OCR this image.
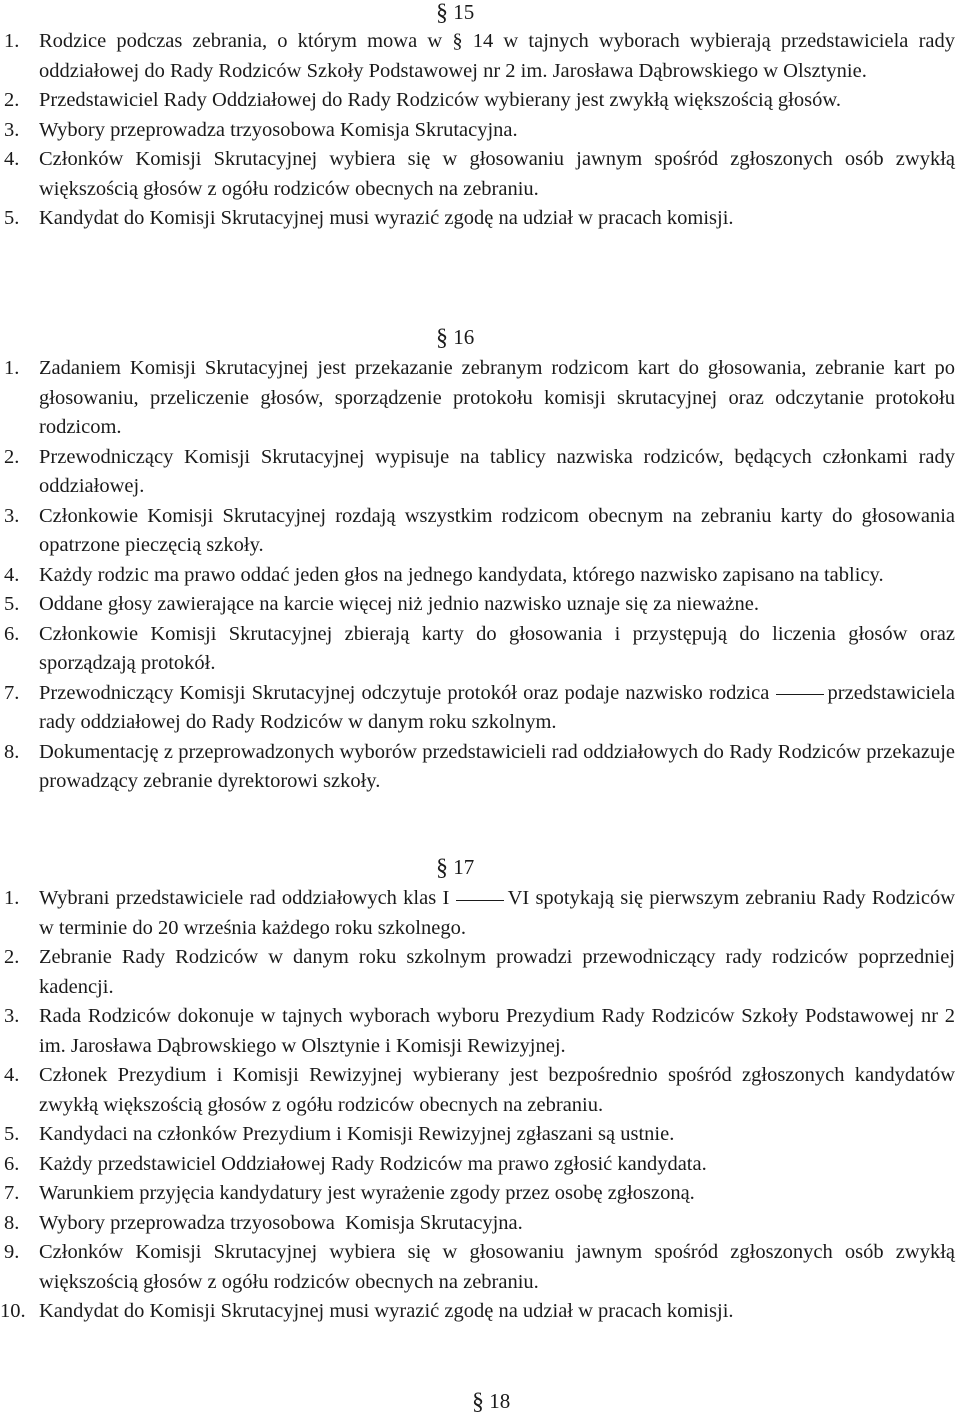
§ 15
1. Rodzice podczas zebrania, o którym mowa w § 14 w tajnych wyborach wybierają przedstawiciela rady oddziałowej do Rady Rodziców Szkoły Podstawowej nr 2 im. Jarosława Dąbrowskiego w Olsztynie.
2. Przedstawiciel Rady Oddziałowej do Rady Rodziców wybierany jest zwykłą większością głosów.
3. Wybory przeprowadza trzyosobowa Komisja Skrutacyjna.
4. Członków Komisji Skrutacyjnej wybiera się w głosowaniu jawnym spośród zgłoszonych osób zwykłą większością głosów z ogółu rodziców obecnych na zebraniu.
5. Kandydat do Komisji Skrutacyjnej musi wyrazić zgodę na udział w pracach komisji.
§ 16
1. Zadaniem Komisji Skrutacyjnej jest przekazanie zebranym rodzicom kart do głosowania, zebranie kart po głosowaniu, przeliczenie głosów, sporządzenie protokołu komisji skrutacyjnej oraz odczytanie protokołu rodzicom.
2. Przewodniczący Komisji Skrutacyjnej wypisuje na tablicy nazwiska rodziców, będących członkami rady oddziałowej.
3. Członkowie Komisji Skrutacyjnej rozdają wszystkim rodzicom obecnym na zebraniu karty do głosowania opatrzone pieczęcią szkoły.
4. Każdy rodzic ma prawo oddać jeden głos na jednego kandydata, którego nazwisko zapisano na tablicy.
5. Oddane głosy zawierające na karcie więcej niż jednio nazwisko uznaje się za nieważne.
6. Członkowie Komisji Skrutacyjnej zbierają karty do głosowania i przystępują do liczenia głosów oraz sporządzają protokół.
7. Przewodniczący Komisji Skrutacyjnej odczytuje protokół oraz podaje nazwisko rodzica	przedstawiciela rady oddziałowej do Rady Rodziców w danym roku szkolnym.
8. Dokumentację z przeprowadzonych wyborów przedstawicieli rad oddziałowych do Rady Rodziców przekazuje prowadzący zebranie dyrektorowi szkoły.
§ 17
1. Wybrani przedstawiciele rad oddziałowych klas I	VI spotykają się pierwszym zebraniu Rady Rodziców w terminie do 20 września każdego roku szkolnego.
2. Zebranie Rady Rodziców w danym roku szkolnym prowadzi przewodniczący rady rodziców poprzedniej kadencji.
3. Rada Rodziców dokonuje w tajnych wyborach wyboru Prezydium Rady Rodziców Szkoły Podstawowej nr 2 im. Jarosława Dąbrowskiego w Olsztynie i Komisji Rewizyjnej.
4. Członek Prezydium i Komisji Rewizyjnej wybierany jest bezpośrednio spośród zgłoszonych kandydatów zwykłą większością głosów z ogółu rodziców obecnych na zebraniu.
5. Kandydaci na członków Prezydium i Komisji Rewizyjnej zgłaszani są ustnie.
6. Każdy przedstawiciel Oddziałowej Rady Rodziców ma prawo zgłosić kandydata.
7. Warunkiem przyjęcia kandydatury jest wyrażenie zgody przez osobę zgłoszoną.
8. Wybory przeprowadza trzyosobowa  Komisja Skrutacyjna.
9. Członków Komisji Skrutacyjnej wybiera się w głosowaniu jawnym spośród zgłoszonych osób zwykłą większością głosów z ogółu rodziców obecnych na zebraniu.
10. Kandydat do Komisji Skrutacyjnej musi wyrazić zgodę na udział w pracach komisji.
§ 18
